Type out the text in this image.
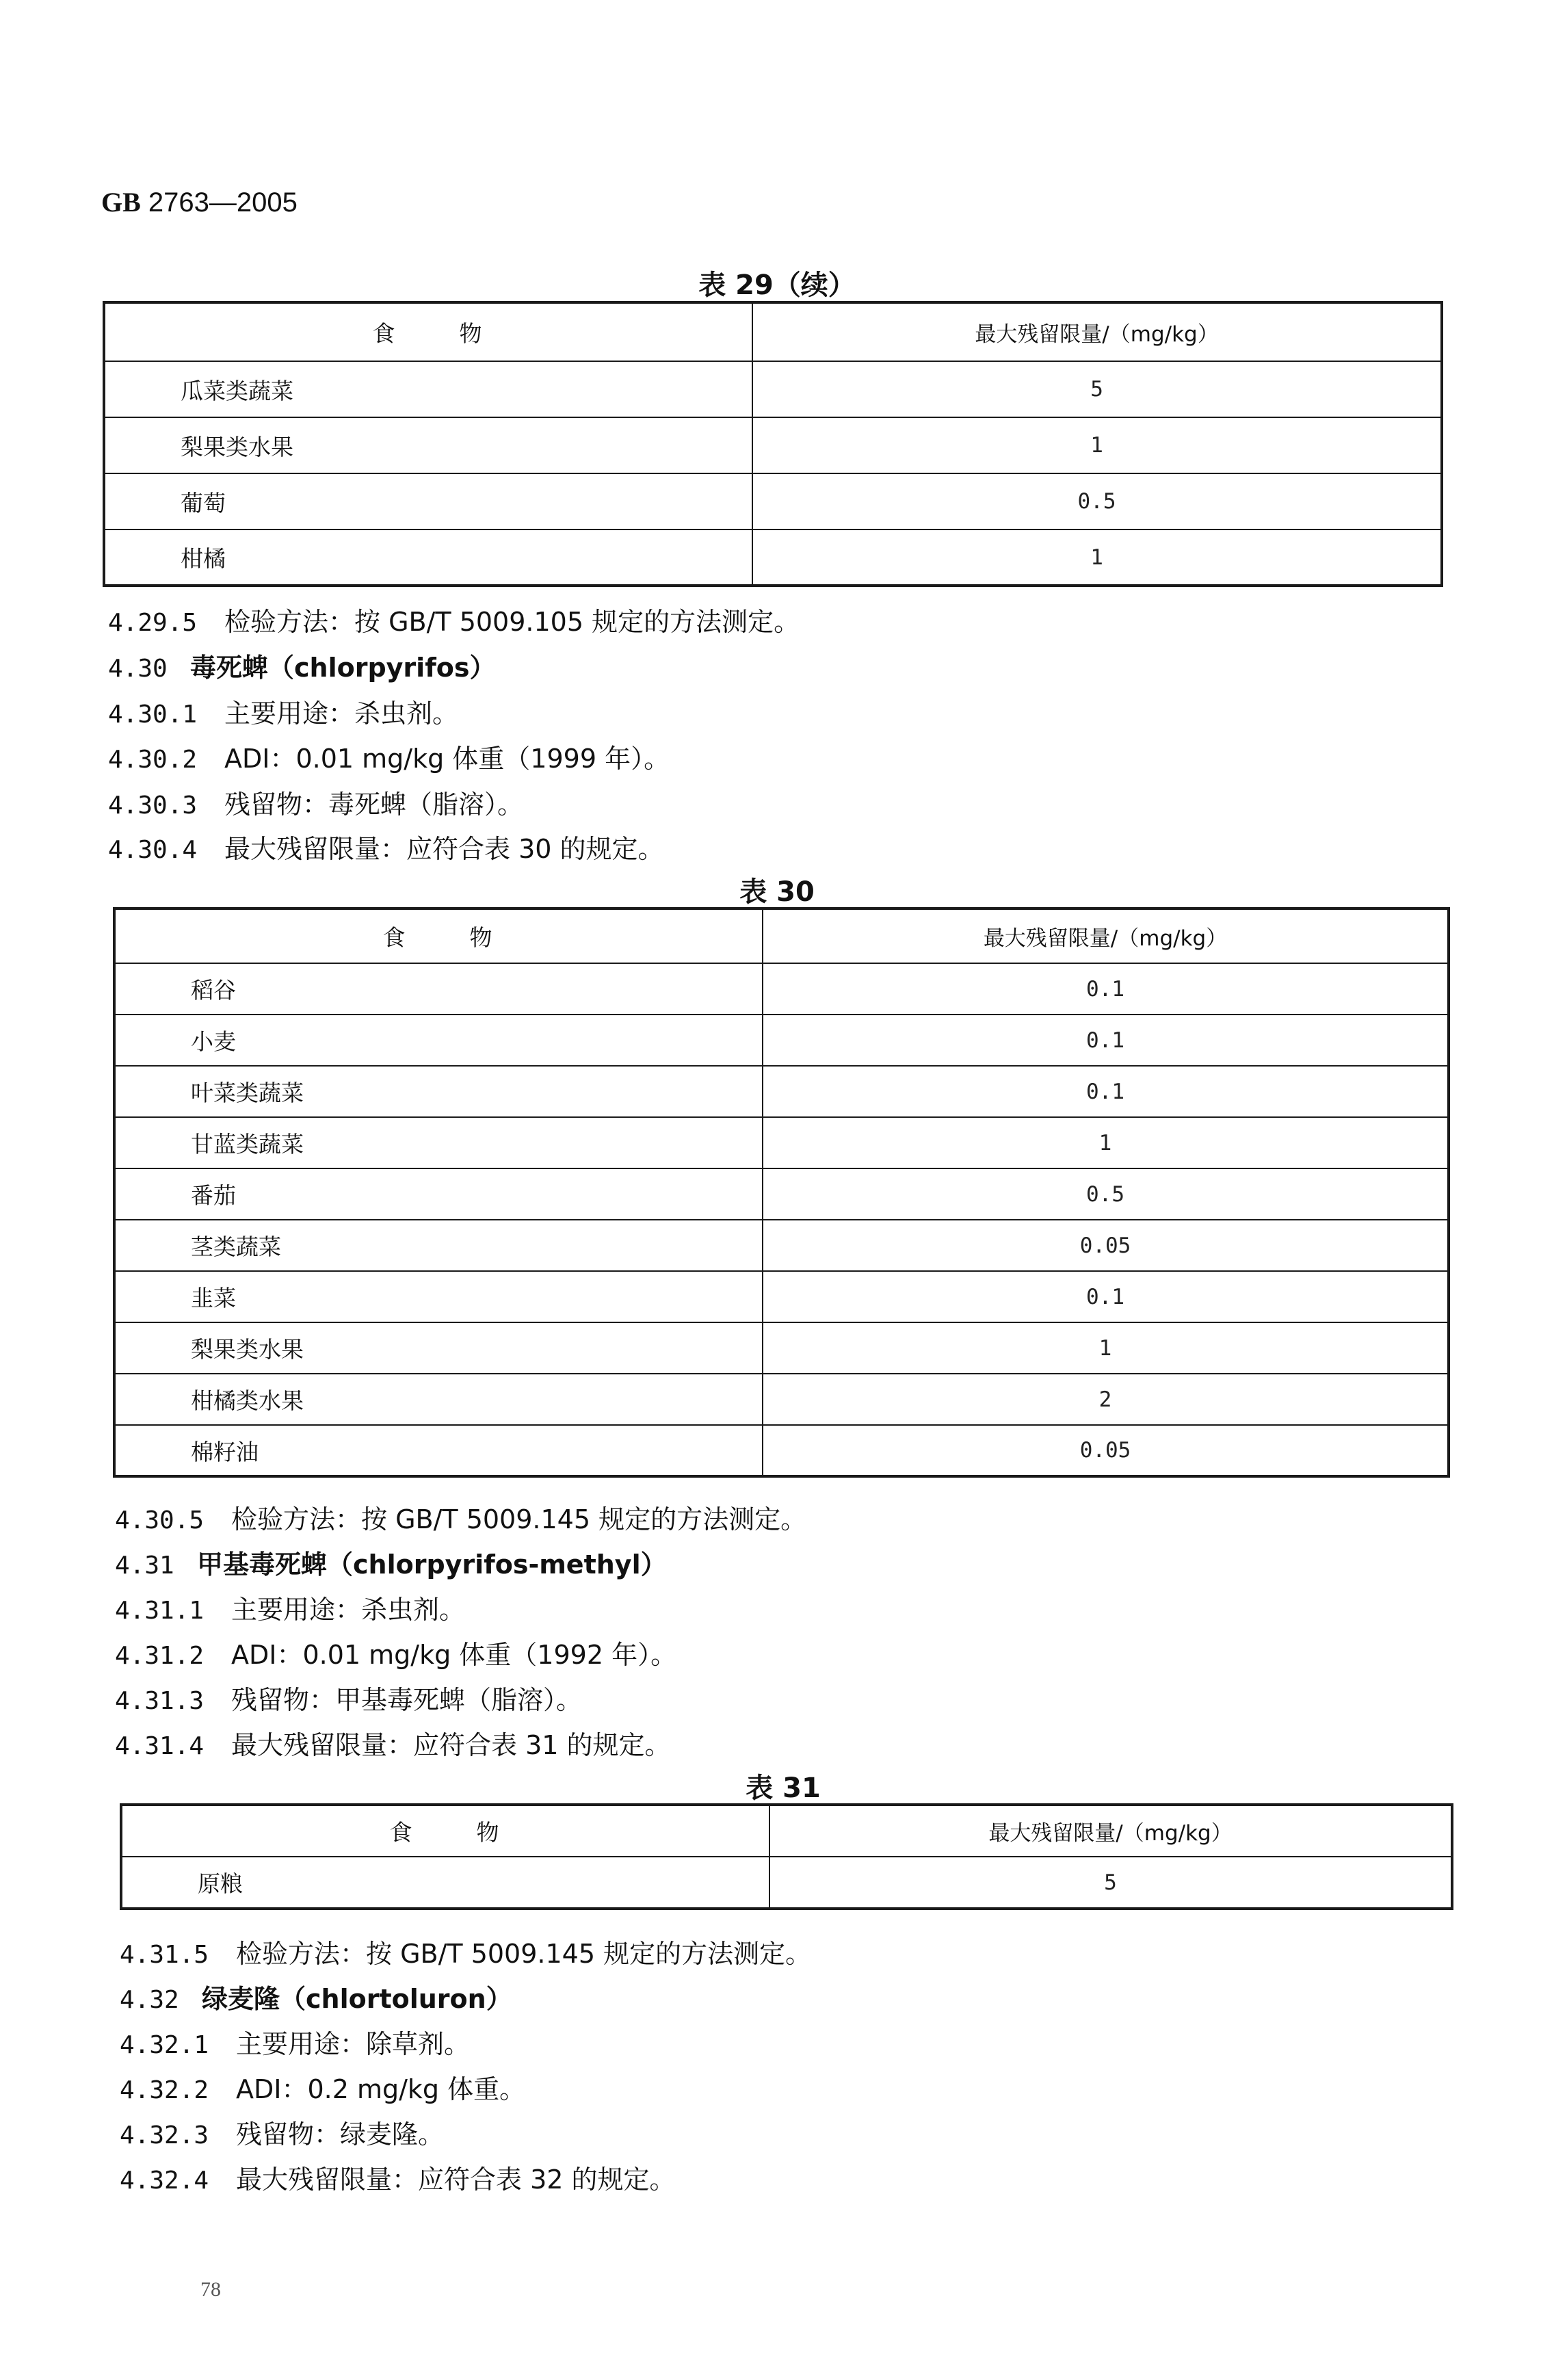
GB 2763—2005
表 29（续）
食 物	最大残留限量/（mg/kg）
瓜菜类蔬菜	5
梨果类水果	1
葡萄	0.5
柑橘	1
4.29.5 检验方法：按 GB/T 5009.105 规定的方法测定。
4.30 毒死蜱（chlorpyrifos）
4.30.1 主要用途：杀虫剂。
4.30.2 ADI：0.01 mg/kg 体重（1999 年）。
4.30.3 残留物：毒死蜱（脂溶）。
4.30.4 最大残留限量：应符合表 30 的规定。
表 30
食 物	最大残留限量/（mg/kg）
稻谷	0.1
小麦	0.1
叶菜类蔬菜	0.1
甘蓝类蔬菜	1
番茄	0.5
茎类蔬菜	0.05
韭菜	0.1
梨果类水果	1
柑橘类水果	2
棉籽油	0.05
4.30.5 检验方法：按 GB/T 5009.145 规定的方法测定。
4.31 甲基毒死蜱（chlorpyrifos-methyl）
4.31.1 主要用途：杀虫剂。
4.31.2 ADI：0.01 mg/kg 体重（1992 年）。
4.31.3 残留物：甲基毒死蜱（脂溶）。
4.31.4 最大残留限量：应符合表 31 的规定。
表 31
食 物	最大残留限量/（mg/kg）
原粮	5
4.31.5 检验方法：按 GB/T 5009.145 规定的方法测定。
4.32 绿麦隆（chlortoluron）
4.32.1 主要用途：除草剂。
4.32.2 ADI：0.2 mg/kg 体重。
4.32.3 残留物：绿麦隆。
4.32.4 最大残留限量：应符合表 32 的规定。
78
